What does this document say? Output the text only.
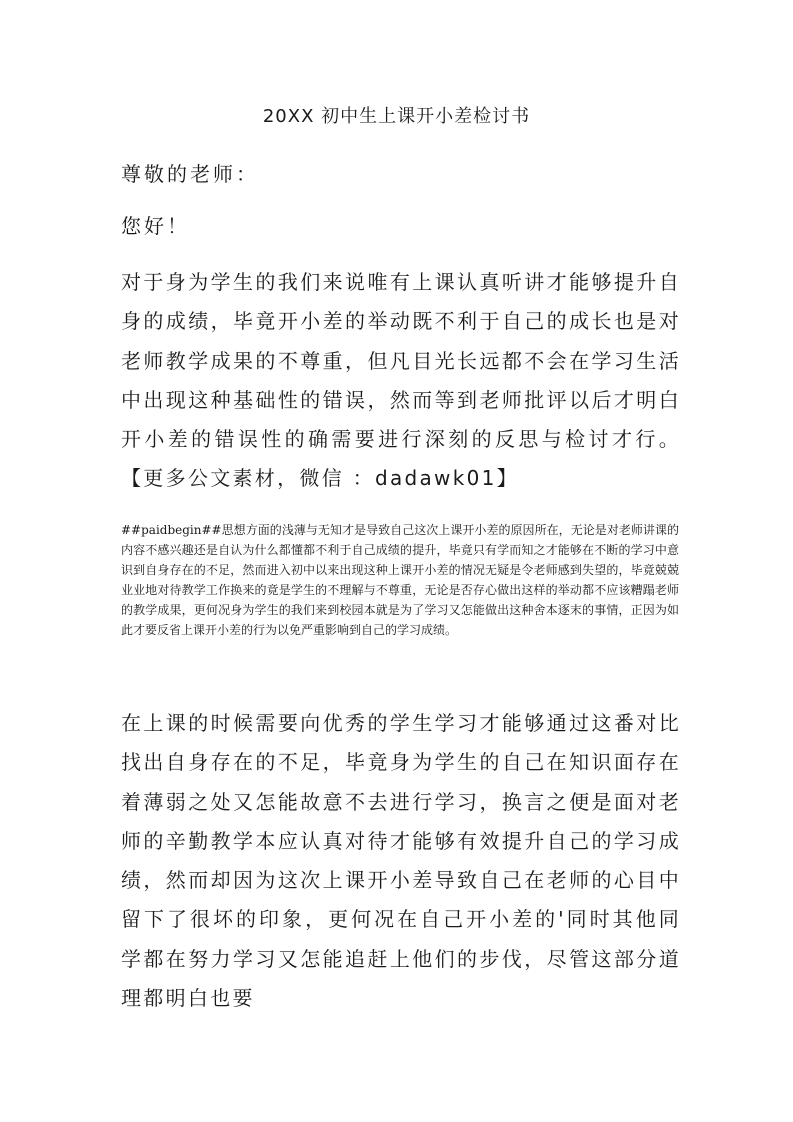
20XX 初中生上课开小差检讨书
尊敬的老师：
您好！

对于身为学生的我们来说唯有上课认真听讲才能够提升自身的成绩，毕竟开小差的举动既不利于自己的成长也是对老师教学成果的不尊重，但凡目光长远都不会在学习生活中出现这种基础性的错误，然而等到老师批评以后才明白开小差的错误性的确需要进行深刻的反思与检讨才行。【更多公文素材，微信 ：dadawk01】

##paidbegin##思想方面的浅薄与无知才是导致自己这次上课开小差的原因所在，无论是对老师讲课的内容不感兴趣还是自认为什么都懂都不利于自己成绩的提升，毕竟只有学而知之才能够在不断的学习中意识到自身存在的不足，然而进入初中以来出现这种上课开小差的情况无疑是令老师感到失望的，毕竟兢兢业业地对待教学工作换来的竟是学生的不理解与不尊重，无论是否存心做出这样的举动都不应该糟蹋老师的教学成果，更何况身为学生的我们来到校园本就是为了学习又怎能做出这种舍本逐末的事情，正因为如此才要反省上课开小差的行为以免严重影响到自己的学习成绩。

在上课的时候需要向优秀的学生学习才能够通过这番对比找出自身存在的不足，毕竟身为学生的自己在知识面存在着薄弱之处又怎能故意不去进行学习，换言之便是面对老师的辛勤教学本应认真对待才能够有效提升自己的学习成绩，然而却因为这次上课开小差导致自己在老师的心目中留下了很坏的印象，更何况在自己开小差的'同时其他同学都在努力学习又怎能追赶上他们的步伐，尽管这部分道理都明白也要
